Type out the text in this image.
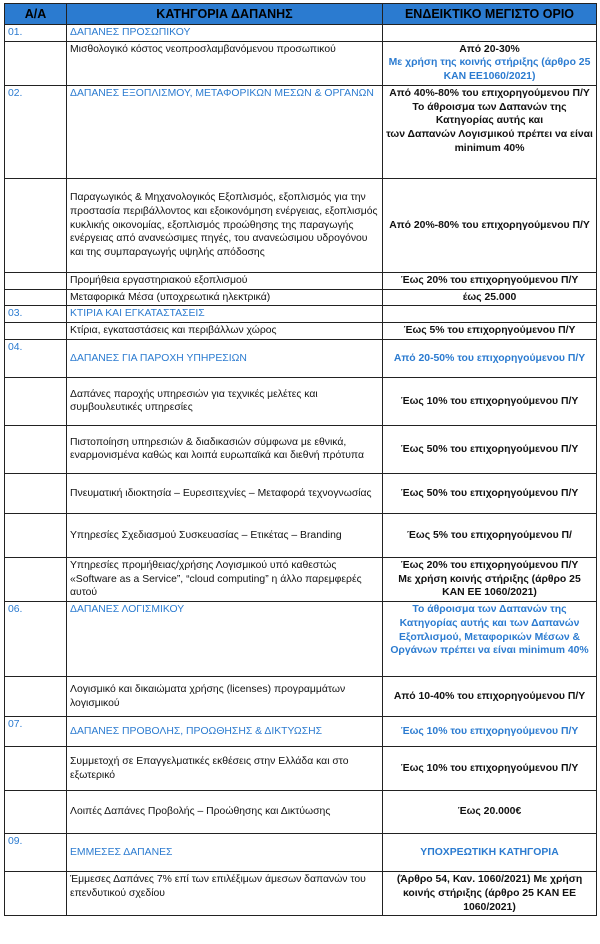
Α/Α	ΚΑΤΗΓΟΡΙΑ ΔΑΠΑΝΗΣ	ΕΝΔΕΙΚΤΙΚΟ ΜΕΓΙΣΤΟ ΟΡΙΟ
01.	ΔΑΠΑΝΕΣ ΠΡΟΣΩΠΙΚΟΥ	
	Μισθολογικό κόστος νεοπροσλαμβανόμενου προσωπικού	Από 20-30%
Με χρήση της κοινής στήριξης (άρθρο 25 ΚΑΝ ΕΕ1060/2021)

02.	ΔΑΠΑΝΕΣ ΕΞΟΠΛΙΣΜΟΥ, ΜΕΤΑΦΟΡΙΚΩΝ ΜΕΣΩΝ & ΟΡΓΑΝΩΝ	Από 40%-80% του επιχορηγούμενου Π/Υ
Το άθροισμα των Δαπανών της Κατηγορίας αυτής και
των Δαπανών Λογισμικού πρέπει να είναι minimum 40%

	Παραγωγικός & Μηχανολογικός Εξοπλισμός, εξοπλισμός για την προστασία περιβάλλοντος και εξοικονόμηση ενέργειας, εξοπλισμός κυκλικής οικονομίας, εξοπλισμός προώθησης της παραγωγής ενέργειας από ανανεώσιμες πηγές, του ανανεώσιμου υδρογόνου και της συμπαραγωγής υψηλής απόδοσης	Από 20%-80% του επιχορηγούμενου Π/Υ

	Προμήθεια εργαστηριακού εξοπλισμού	Έως 20% του επιχορηγούμενου Π/Υ

	Μεταφορικά Μέσα (υποχρεωτικά ηλεκτρικά)	έως 25.000

03.	ΚΤΙΡΙΑ ΚΑΙ ΕΓΚΑΤΑΣΤΑΣΕΙΣ	
	Κτίρια, εγκαταστάσεις και περιβάλλων χώρος	Έως 5% του επιχορηγούμενου Π/Υ

04.	ΔΑΠΑΝΕΣ ΓΙΑ ΠΑΡΟΧΗ ΥΠΗΡΕΣΙΩΝ	Από 20-50% του επιχορηγούμενου Π/Υ

	Δαπάνες παροχής υπηρεσιών για τεχνικές μελέτες και συμβουλευτικές υπηρεσίες	Έως 10% του επιχορηγούμενου Π/Υ

	Πιστοποίηση υπηρεσιών & διαδικασιών σύμφωνα με εθνικά, εναρμονισμένα καθώς και λοιπά ευρωπαϊκά και διεθνή πρότυπα	Έως 50% του επιχορηγούμενου Π/Υ

	Πνευματική ιδιοκτησία – Ευρεσιτεχνίες – Μεταφορά τεχνογνωσίας	Έως 50% του επιχορηγούμενου Π/Υ

	Υπηρεσίες Σχεδιασμού Συσκευασίας – Ετικέτας – Branding	Έως 5% του επιχορηγούμενου Π/

	Υπηρεσίες προμήθειας/χρήσης Λογισμικού υπό καθεστώς «Software as a Service”, “cloud computing” η άλλο παρεμφερές αυτού	Έως 20% του επιχορηγούμενου Π/Υ
Με χρήση κοινής στήριξης (άρθρο 25 ΚΑΝ ΕΕ 1060/2021)

06.	ΔΑΠΑΝΕΣ ΛΟΓΙΣΜΙΚΟΥ	Το άθροισμα των Δαπανών της Κατηγορίας αυτής και των Δαπανών Εξοπλισμού, Μεταφορικών Μέσων & Οργάνων πρέπει να είναι minimum 40%

	Λογισμικό και δικαιώματα χρήσης (licenses) προγραμμάτων λογισμικού	Από 10-40% του επιχορηγούμενου Π/Υ

07.	ΔΑΠΑΝΕΣ ΠΡΟΒΟΛΗΣ, ΠΡΟΩΘΗΣΗΣ & ΔΙΚΤΥΩΣΗΣ	Έως 10% του επιχορηγούμενου Π/Υ

	Συμμετοχή σε Επαγγελματικές εκθέσεις στην Ελλάδα και στο εξωτερικό	Έως 10% του επιχορηγούμενου Π/Υ

	Λοιπές Δαπάνες Προβολής – Προώθησης και Δικτύωσης	Έως 20.000€

09.	ΕΜΜΕΣΕΣ ΔΑΠΑΝΕΣ	ΥΠΟΧΡΕΩΤΙΚΗ ΚΑΤΗΓΟΡΙΑ

	Έμμεσες Δαπάνες 7% επί των επιλέξιμων άμεσων δαπανών του επενδυτικού σχεδίου	(Άρθρο 54, Καν. 1060/2021) Με χρήση κοινής στήριξης (άρθρο 25 ΚΑΝ ΕΕ 1060/2021)
